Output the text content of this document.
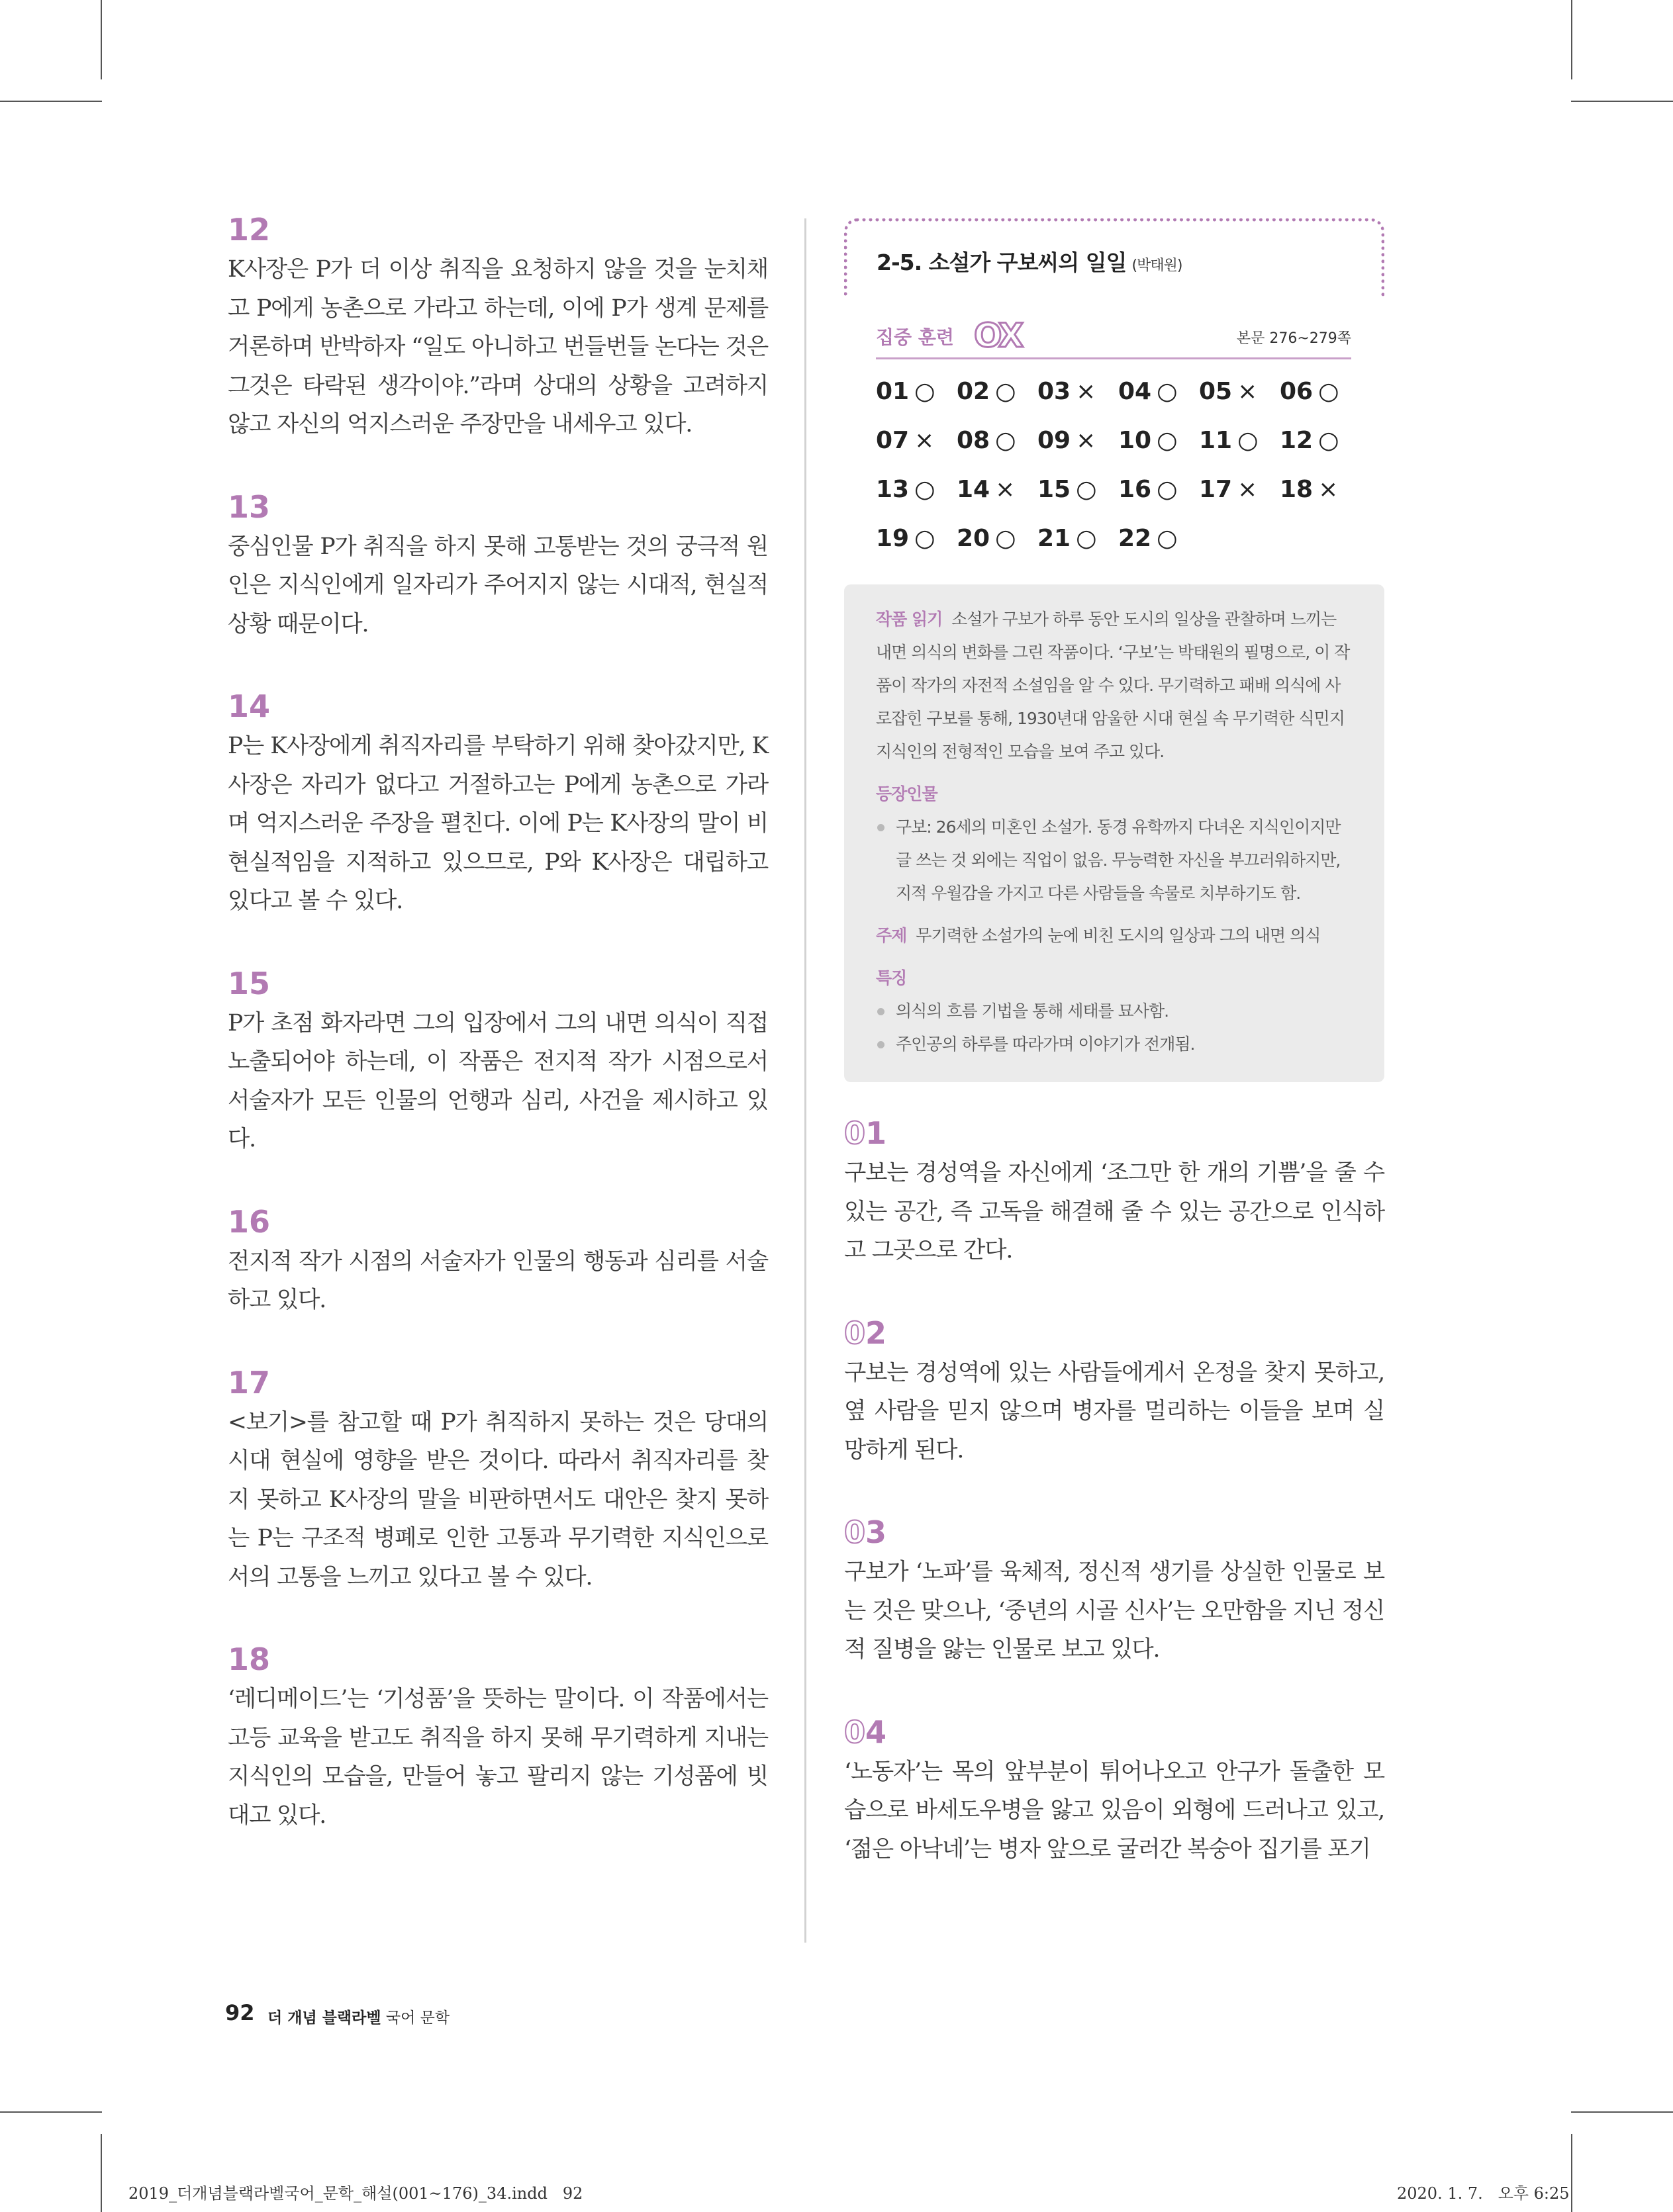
12

K사장은 P가 더 이상 취직을 요청하지 않을 것을 눈치채고 P에게 농촌으로 가라고 하는데, 이에 P가 생계 문제를 거론하며 반박하자 “일도 아니하고 번들번들 논다는 것은 그것은 타락된 생각이야.”라며 상대의 상황을 고려하지 않고 자신의 억지스러운 주장만을 내세우고 있다.

13

중심인물 P가 취직을 하지 못해 고통받는 것의 궁극적 원인은 지식인에게 일자리가 주어지지 않는 시대적, 현실적 상황 때문이다.

14

P는 K사장에게 취직자리를 부탁하기 위해 찾아갔지만, K사장은 자리가 없다고 거절하고는 P에게 농촌으로 가라며 억지스러운 주장을 펼친다. 이에 P는 K사장의 말이 비현실적임을 지적하고 있으므로, P와 K사장은 대립하고 있다고 볼 수 있다.

15

P가 초점 화자라면 그의 입장에서 그의 내면 의식이 직접 노출되어야 하는데, 이 작품은 전지적 작가 시점으로서 서술자가 모든 인물의 언행과 심리, 사건을 제시하고 있다.

16

전지적 작가 시점의 서술자가 인물의 행동과 심리를 서술하고 있다.

17

<보기>를 참고할 때 P가 취직하지 못하는 것은 당대의 시대 현실에 영향을 받은 것이다. 따라서 취직자리를 찾지 못하고 K사장의 말을 비판하면서도 대안은 찾지 못하는 P는 구조적 병폐로 인한 고통과 무기력한 지식인으로서의 고통을 느끼고 있다고 볼 수 있다.

18

‘레디메이드’는 ‘기성품’을 뜻하는 말이다. 이 작품에서는 고등 교육을 받고도 취직을 하지 못해 무기력하게 지내는 지식인의 모습을, 만들어 놓고 팔리지 않는 기성품에 빗대고 있다.

2-5. 소설가 구보씨의 일일 (박태원)
집중 훈련 OX	본문 276~279쪽
01 ○ 02 ○ 03 × 04 ○ 05 × 06 ○
07 × 08 ○ 09 × 10 ○ 11 ○ 12 ○
13 ○ 14 × 15 ○ 16 ○ 17 × 18 ×
19 ○ 20 ○ 21 ○ 22 ○

작품 읽기 소설가 구보가 하루 동안 도시의 일상을 관찰하며 느끼는 내면 의식의 변화를 그린 작품이다. ‘구보’는 박태원의 필명으로, 이 작품이 작가의 자전적 소설임을 알 수 있다. 무기력하고 패배 의식에 사로잡힌 구보를 통해, 1930년대 암울한 시대 현실 속 무기력한 식민지 지식인의 전형적인 모습을 보여 주고 있다.

등장인물
구보: 26세의 미혼인 소설가. 동경 유학까지 다녀온 지식인이지만 글 쓰는 것 외에는 직업이 없음. 무능력한 자신을 부끄러워하지만, 지적 우월감을 가지고 다른 사람들을 속물로 치부하기도 함.

주제 무기력한 소설가의 눈에 비친 도시의 일상과 그의 내면 의식

특징
의식의 흐름 기법을 통해 세태를 묘사함.
주인공의 하루를 따라가며 이야기가 전개됨.
01

구보는 경성역을 자신에게 ‘조그만 한 개의 기쁨’을 줄 수 있는 공간, 즉 고독을 해결해 줄 수 있는 공간으로 인식하고 그곳으로 간다.

02

구보는 경성역에 있는 사람들에게서 온정을 찾지 못하고, 옆 사람을 믿지 않으며 병자를 멀리하는 이들을 보며 실망하게 된다.

03

구보가 ‘노파’를 육체적, 정신적 생기를 상실한 인물로 보는 것은 맞으나, ‘중년의 시골 신사’는 오만함을 지닌 정신적 질병을 앓는 인물로 보고 있다.

04

‘노동자’는 목의 앞부분이 튀어나오고 안구가 돌출한 모습으로 바세도우병을 앓고 있음이 외형에 드러나고 있고, ‘젊은 아낙네’는 병자 앞으로 굴러간 복숭아 집기를 포기

92 더 개념 블랙라벨 국어 문학
2019_더개념블랙라벨국어_문학_해설(001~176)_34.indd   92	2020. 1. 7.   오후 6:25
